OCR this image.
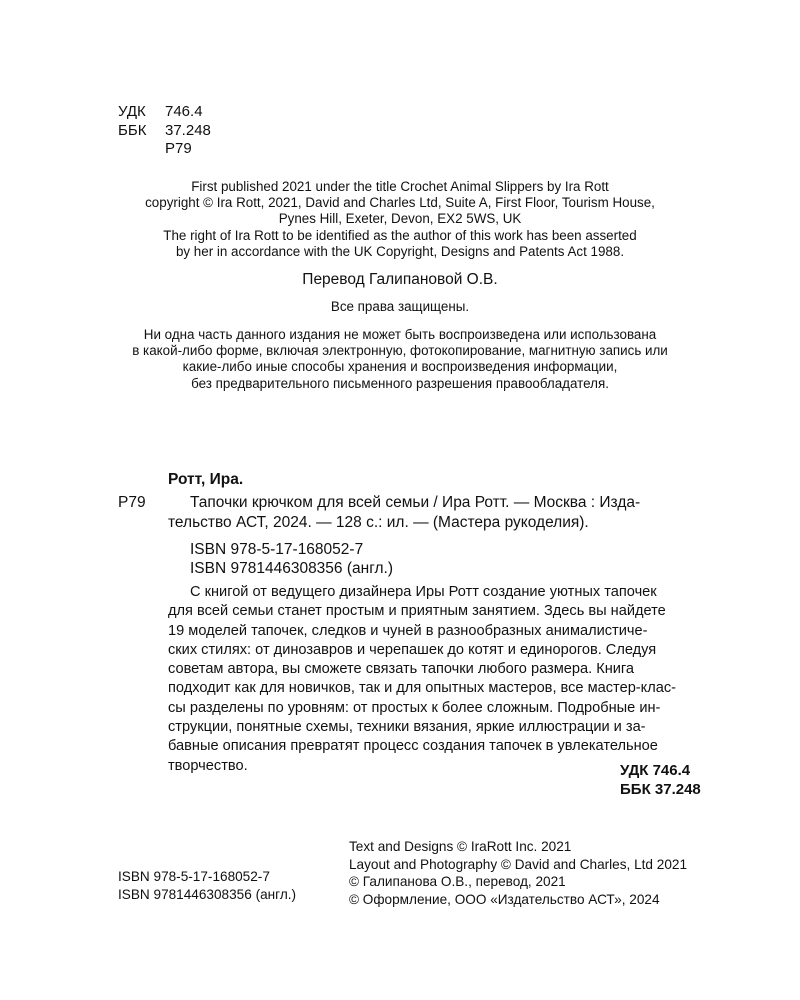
УДК 746.4
ББК 37.248
Р79
First published 2021 under the title Crochet Animal Slippers by Ira Rott
copyright © Ira Rott, 2021, David and Charles Ltd, Suite A, First Floor, Tourism House,
Pynes Hill, Exeter, Devon, EX2 5WS, UK
The right of Ira Rott to be identified as the author of this work has been asserted
by her in accordance with the UK Copyright, Designs and Patents Act 1988.
Перевод Галипановой О.В.
Все права защищены.
Ни одна часть данного издания не может быть воспроизведена или использована
в какой-либо форме, включая электронную, фотокопирование, магнитную запись или
какие-либо иные способы хранения и воспроизведения информации,
без предварительного письменного разрешения правообладателя.
Ротт, Ира.
Р79	Тапочки крючком для всей семьи / Ира Ротт. — Москва : Изда-
тельство АСТ, 2024. — 128 с.: ил. — (Мастера рукоделия).
ISBN 978-5-17-168052-7
ISBN 9781446308356 (англ.)
С книгой от ведущего дизайнера Иры Ротт создание уютных тапочек
для всей семьи станет простым и приятным занятием. Здесь вы найдете
19 моделей тапочек, следков и чуней в разнообразных анималистиче-
ских стилях: от динозавров и черепашек до котят и единорогов. Следуя
советам автора, вы сможете связать тапочки любого размера. Книга
подходит как для новичков, так и для опытных мастеров, все мастер-клас-
сы разделены по уровням: от простых к более сложным. Подробные ин-
струкции, понятные схемы, техники вязания, яркие иллюстрации и за-
бавные описания превратят процесс создания тапочек в увлекательное
творчество.	УДК 746.4
ББК 37.248
ISBN 978-5-17-168052-7
ISBN 9781446308356 (англ.)
Text and Designs © IraRott Inc. 2021
Layout and Photography © David and Charles, Ltd 2021
© Галипанова О.В., перевод, 2021
© Оформление, ООО «Издательство АСТ», 2024
